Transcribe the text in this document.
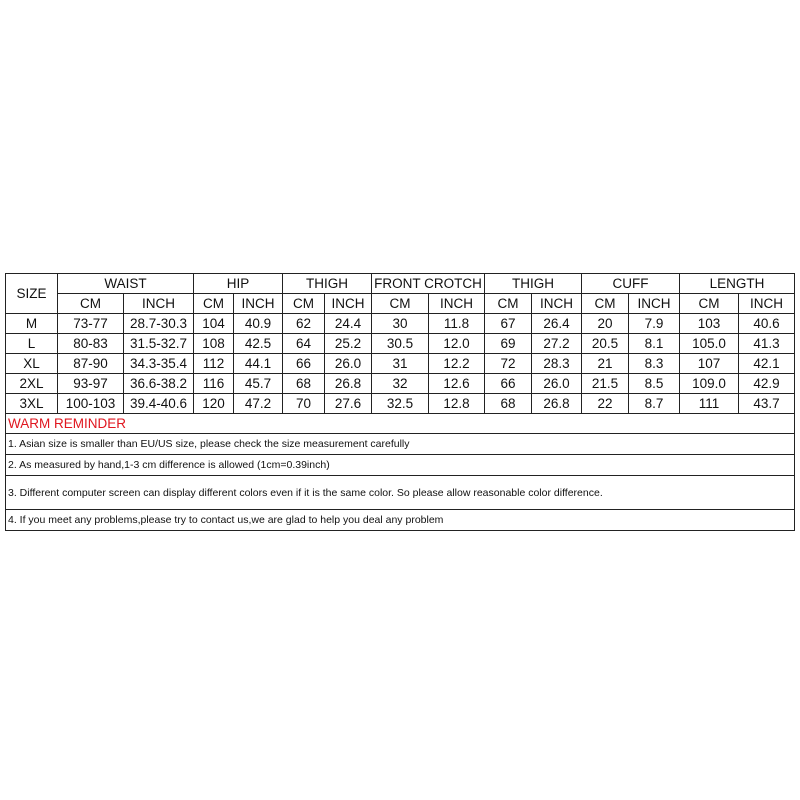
SIZE	WAIST		HIP		THIGH		FRONT CROTCH		THIGH		CUFF		LENGTH	
	CM	INCH	CM	INCH	CM	INCH	CM	INCH	CM	INCH	CM	INCH	CM	INCH
M	73-77	28.7-30.3	104	40.9	62	24.4	30	11.8	67	26.4	20	7.9	103	40.6
L	80-83	31.5-32.7	108	42.5	64	25.2	30.5	12.0	69	27.2	20.5	8.1	105.0	41.3
XL	87-90	34.3-35.4	112	44.1	66	26.0	31	12.2	72	28.3	21	8.3	107	42.1
2XL	93-97	36.6-38.2	116	45.7	68	26.8	32	12.6	66	26.0	21.5	8.5	109.0	42.9
3XL	100-103	39.4-40.6	120	47.2	70	27.6	32.5	12.8	68	26.8	22	8.7	111	43.7
WARM REMINDER
1. Asian size is smaller than EU/US size, please check the size measurement carefully
2. As measured by hand,1-3 cm difference is allowed (1cm=0.39inch)
3. Different computer screen can display different colors even if it is the same color. So please allow reasonable color difference.
4. If you meet any problems,please try to contact us,we are glad to help you deal any problem
